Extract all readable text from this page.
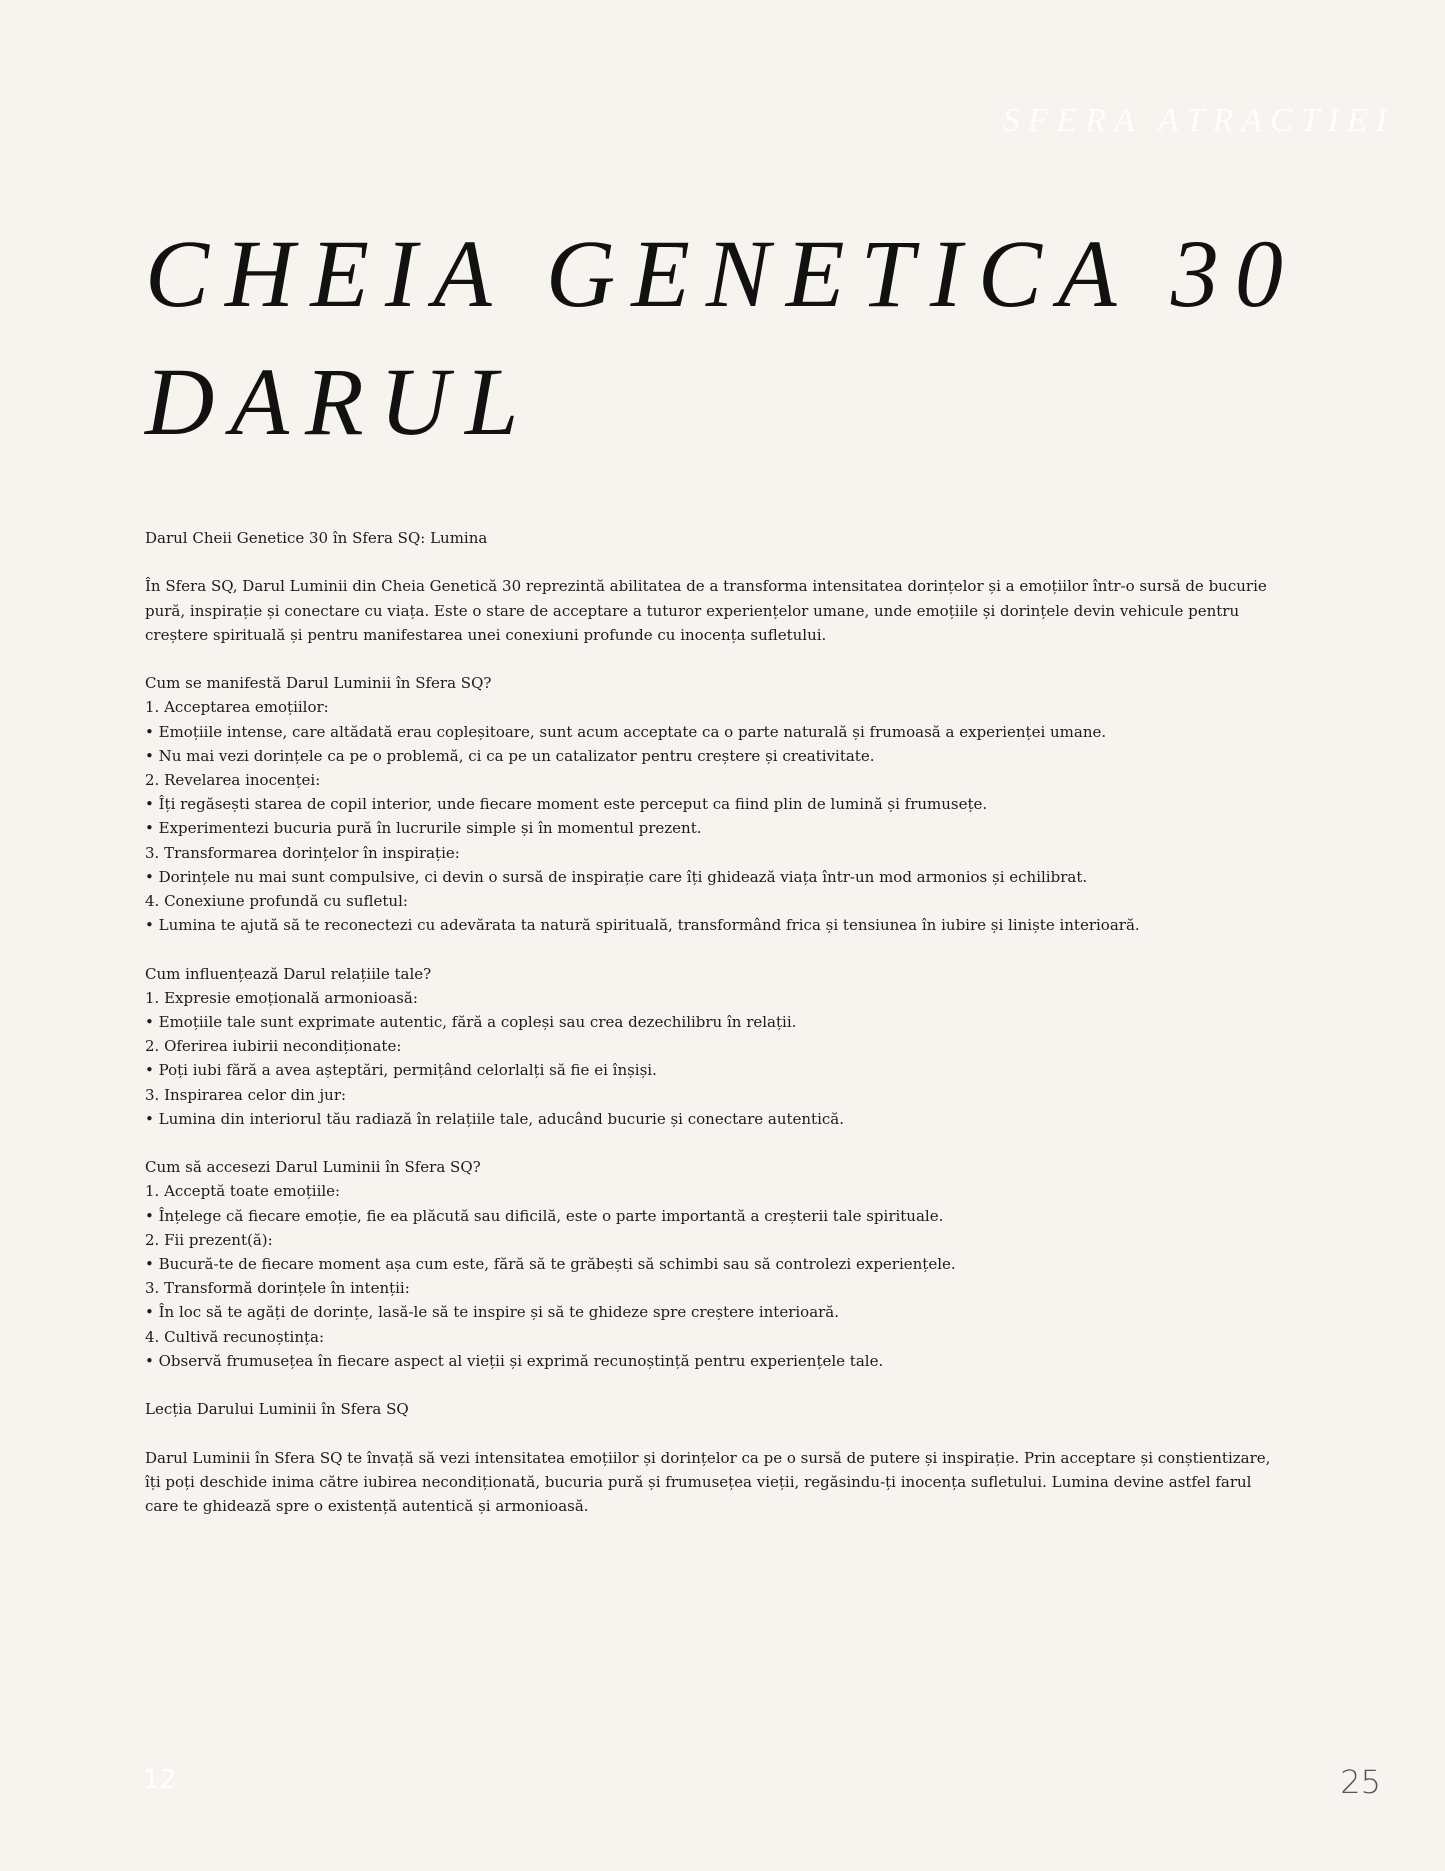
SFERA ATRACTIEI
CHEIA GENETICA 30
DARUL
Darul Cheii Genetice 30 în Sfera SQ: Lumina
În Sfera SQ, Darul Luminii din Cheia Genetică 30 reprezintă abilitatea de a transforma intensitatea dorințelor și a emoțiilor într-o sursă de bucurie
pură, inspirație și conectare cu viața. Este o stare de acceptare a tuturor experiențelor umane, unde emoțiile și dorințele devin vehicule pentru
creștere spirituală și pentru manifestarea unei conexiuni profunde cu inocența sufletului.
Cum se manifestă Darul Luminii în Sfera SQ?
1. Acceptarea emoțiilor:
• Emoțiile intense, care altădată erau copleșitoare, sunt acum acceptate ca o parte naturală și frumoasă a experienței umane.
• Nu mai vezi dorințele ca pe o problemă, ci ca pe un catalizator pentru creștere și creativitate.
2. Revelarea inocenței:
• Îți regăsești starea de copil interior, unde fiecare moment este perceput ca fiind plin de lumină și frumusețe.
• Experimentezi bucuria pură în lucrurile simple și în momentul prezent.
3. Transformarea dorințelor în inspirație:
• Dorințele nu mai sunt compulsive, ci devin o sursă de inspirație care îți ghidează viața într-un mod armonios și echilibrat.
4. Conexiune profundă cu sufletul:
• Lumina te ajută să te reconectezi cu adevărata ta natură spirituală, transformând frica și tensiunea în iubire și liniște interioară.
Cum influențează Darul relațiile tale?
1. Expresie emoțională armonioasă:
• Emoțiile tale sunt exprimate autentic, fără a copleși sau crea dezechilibru în relații.
2. Oferirea iubirii necondiționate:
• Poți iubi fără a avea așteptări, permițând celorlalți să fie ei înșiși.
3. Inspirarea celor din jur:
• Lumina din interiorul tău radiază în relațiile tale, aducând bucurie și conectare autentică.
Cum să accesezi Darul Luminii în Sfera SQ?
1. Acceptă toate emoțiile:
• Înțelege că fiecare emoție, fie ea plăcută sau dificilă, este o parte importantă a creșterii tale spirituale.
2. Fii prezent(ă):
• Bucură-te de fiecare moment așa cum este, fără să te grăbești să schimbi sau să controlezi experiențele.
3. Transformă dorințele în intenții:
• În loc să te agăți de dorințe, lasă-le să te inspire și să te ghideze spre creștere interioară.
4. Cultivă recunoștința:
• Observă frumusețea în fiecare aspect al vieții și exprimă recunoștință pentru experiențele tale.
Lecția Darului Luminii în Sfera SQ
Darul Luminii în Sfera SQ te învață să vezi intensitatea emoțiilor și dorințelor ca pe o sursă de putere și inspirație. Prin acceptare și conștientizare,
îți poți deschide inima către iubirea necondiționată, bucuria pură și frumusețea vieții, regăsindu-ți inocența sufletului. Lumina devine astfel farul
care te ghidează spre o existență autentică și armonioasă.
12	25
